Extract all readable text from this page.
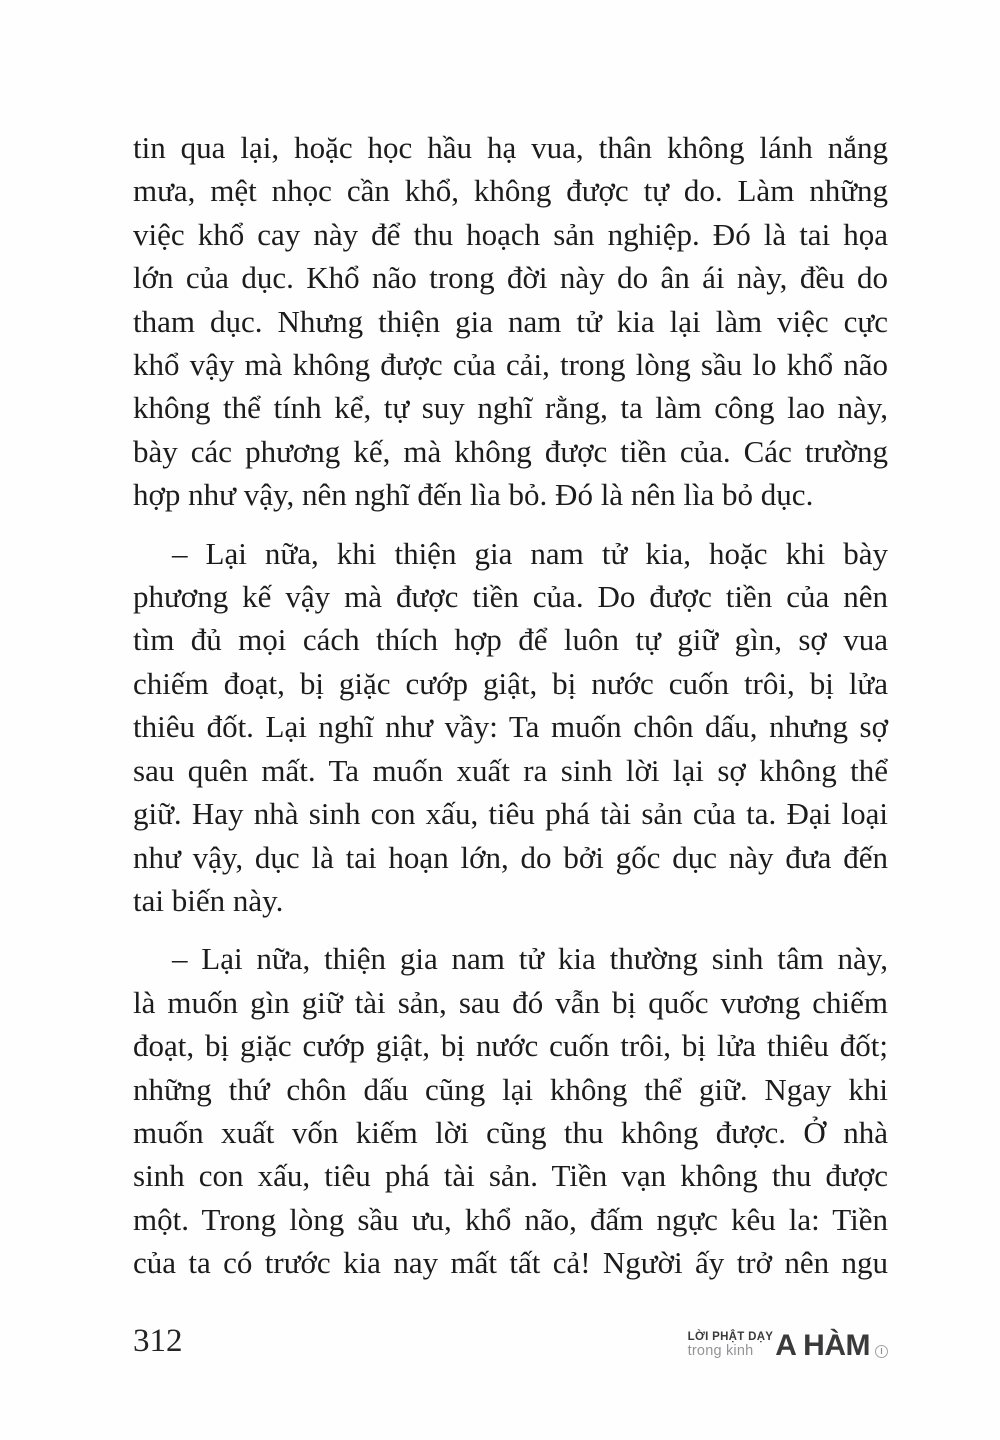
tin qua lại, hoặc học hầu hạ vua, thân không lánh nắng
mưa, mệt nhọc cần khổ, không được tự do. Làm những
việc khổ cay này để thu hoạch sản nghiệp. Đó là tai họa
lớn của dục. Khổ não trong đời này do ân ái này, đều do
tham dục. Nhưng thiện gia nam tử kia lại làm việc cực
khổ vậy mà không được của cải, trong lòng sầu lo khổ não
không thể tính kể, tự suy nghĩ rằng, ta làm công lao này,
bày các phương kế, mà không được tiền của. Các trường
hợp như vậy, nên nghĩ đến lìa bỏ. Đó là nên lìa bỏ dục.
– Lại nữa, khi thiện gia nam tử kia, hoặc khi bày
phương kế vậy mà được tiền của. Do được tiền của nên
tìm đủ mọi cách thích hợp để luôn tự giữ gìn, sợ vua
chiếm đoạt, bị giặc cướp giật, bị nước cuốn trôi, bị lửa
thiêu đốt. Lại nghĩ như vầy: Ta muốn chôn dấu, nhưng sợ
sau quên mất. Ta muốn xuất ra sinh lời lại sợ không thể
giữ. Hay nhà sinh con xấu, tiêu phá tài sản của ta. Đại loại
như vậy, dục là tai hoạn lớn, do bởi gốc dục này đưa đến
tai biến này.
– Lại nữa, thiện gia nam tử kia thường sinh tâm này,
là muốn gìn giữ tài sản, sau đó vẫn bị quốc vương chiếm
đoạt, bị giặc cướp giật, bị nước cuốn trôi, bị lửa thiêu đốt;
những thứ chôn dấu cũng lại không thể giữ. Ngay khi
muốn xuất vốn kiếm lời cũng thu không được. Ở nhà
sinh con xấu, tiêu phá tài sản. Tiền vạn không thu được
một. Trong lòng sầu ưu, khổ não, đấm ngực kêu la: Tiền
của ta có trước kia nay mất tất cả! Người ấy trở nên ngu
312	LỜI PHẬT DẠY
trong kinh A HÀM I
